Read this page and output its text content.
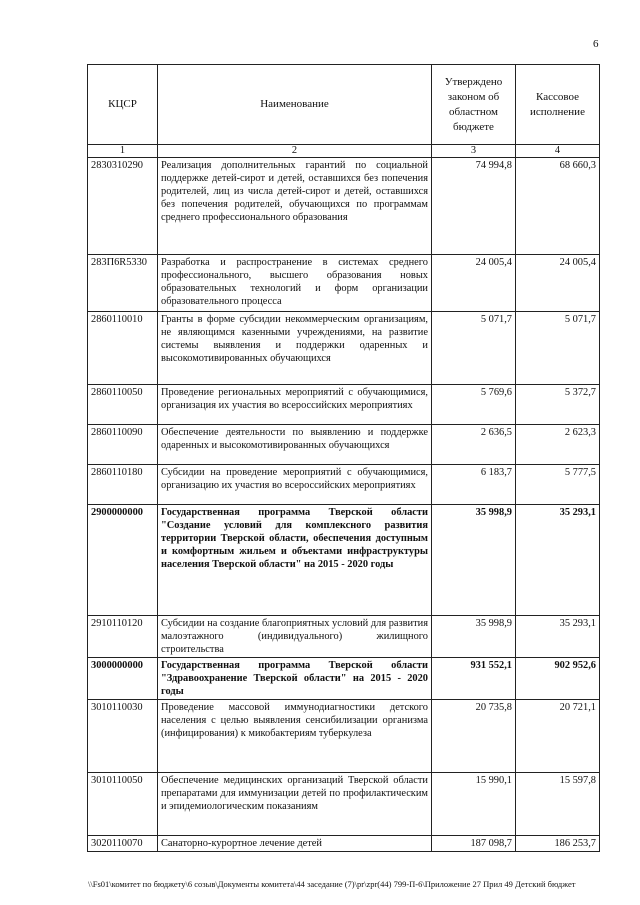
6
КЦСР	Наименование	Утверждено законом об областном бюджете	Кассовое исполнение
1	2	3	4
2830310290	Реализация дополнительных гарантий по социальной поддержке детей-сирот и детей, оставшихся без попечения родителей, лиц из числа детей-сирот и детей, оставшихся без попечения родителей, обучающихся по программам среднего профессионального образования	74 994,8	68 660,3
283П6R5330	Разработка и распространение в системах среднего профессионального, высшего образования новых образовательных технологий и форм организации образовательного процесса	24 005,4	24 005,4
2860110010	Гранты в форме субсидии некоммерческим организациям, не являющимся казенными учреждениями, на развитие системы выявления и поддержки одаренных и высокомотивированных обучающихся	5 071,7	5 071,7
2860110050	Проведение региональных мероприятий с обучающимися, организация их участия во всероссийских мероприятиях	5 769,6	5 372,7
2860110090	Обеспечение деятельности по выявлению и поддержке одаренных и высокомотивированных обучающихся	2 636,5	2 623,3
2860110180	Субсидии на проведение мероприятий с обучающимися, организацию их участия во всероссийских мероприятиях	6 183,7	5 777,5
2900000000	Государственная программа Тверской области "Создание условий для комплексного развития территории Тверской области, обеспечения доступным и комфортным жильем и объектами инфраструктуры населения Тверской области" на 2015 - 2020 годы	35 998,9	35 293,1
2910110120	Субсидии на создание благоприятных условий для развития малоэтажного (индивидуального) жилищного строительства	35 998,9	35 293,1
3000000000	Государственная программа Тверской области "Здравоохранение Тверской области" на 2015 - 2020 годы	931 552,1	902 952,6
3010110030	Проведение массовой иммунодиагностики детского населения с целью выявления сенсибилизации организма (инфицирования) к микобактериям туберкулеза	20 735,8	20 721,1
3010110050	Обеспечение медицинских организаций Тверской области препаратами для иммунизации детей по профилактическим и эпидемиологическим показаниям	15 990,1	15 597,8
3020110070	Санаторно-курортное лечение детей	187 098,7	186 253,7
\\Fs01\комитет по бюджету\6 созыв\Документы комитета\44 заседание (7)\pr\zpr(44) 799-П-6\Приложение 27 Прил 49 Детский бюджет
